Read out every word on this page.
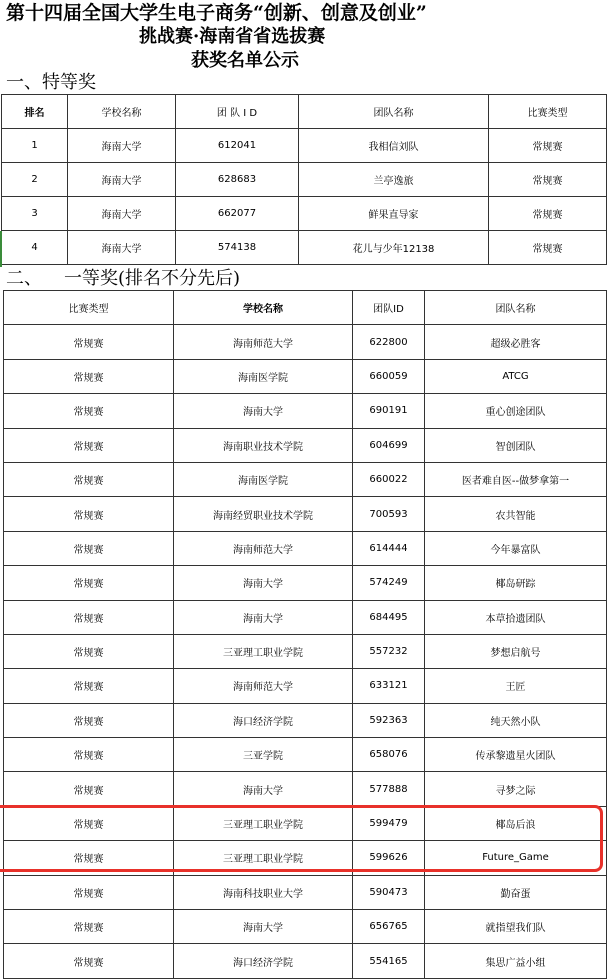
第十四届全国大学生电子商务“创新、创意及创业”
挑战赛·海南省省选拔赛
获奖名单公示
一、特等奖
排名	学校名称	团 队 I D	团队名称	比赛类型
1	海南大学	612041	我相信刘队	常规赛
2	海南大学	628683	兰亭逸旅	常规赛
3	海南大学	662077	鲜果直导家	常规赛
4	海南大学	574138	花儿与少年12138	常规赛
二、 一等奖(排名不分先后)
比赛类型	学校名称	团队ID	团队名称
常规赛	海南师范大学	622800	超级必胜客
常规赛	海南医学院	660059	ATCG
常规赛	海南大学	690191	重心创途团队
常规赛	海南职业技术学院	604699	智创团队
常规赛	海南医学院	660022	医者难自医--做梦拿第一
常规赛	海南经贸职业技术学院	700593	农共智能
常规赛	海南师范大学	614444	今年暴富队
常规赛	海南大学	574249	椰岛研踪
常规赛	海南大学	684495	本草拾遗团队
常规赛	三亚理工职业学院	557232	梦想启航号
常规赛	海南师范大学	633121	王匠
常规赛	海口经济学院	592363	纯天然小队
常规赛	三亚学院	658076	传承黎遗星火团队
常规赛	海南大学	577888	寻梦之际
常规赛	三亚理工职业学院	599479	椰岛后浪
常规赛	三亚理工职业学院	599626	Future_Game
常规赛	海南科技职业大学	590473	勤奋蛋
常规赛	海南大学	656765	就指望我们队
常规赛	海口经济学院	554165	集思广益小组
